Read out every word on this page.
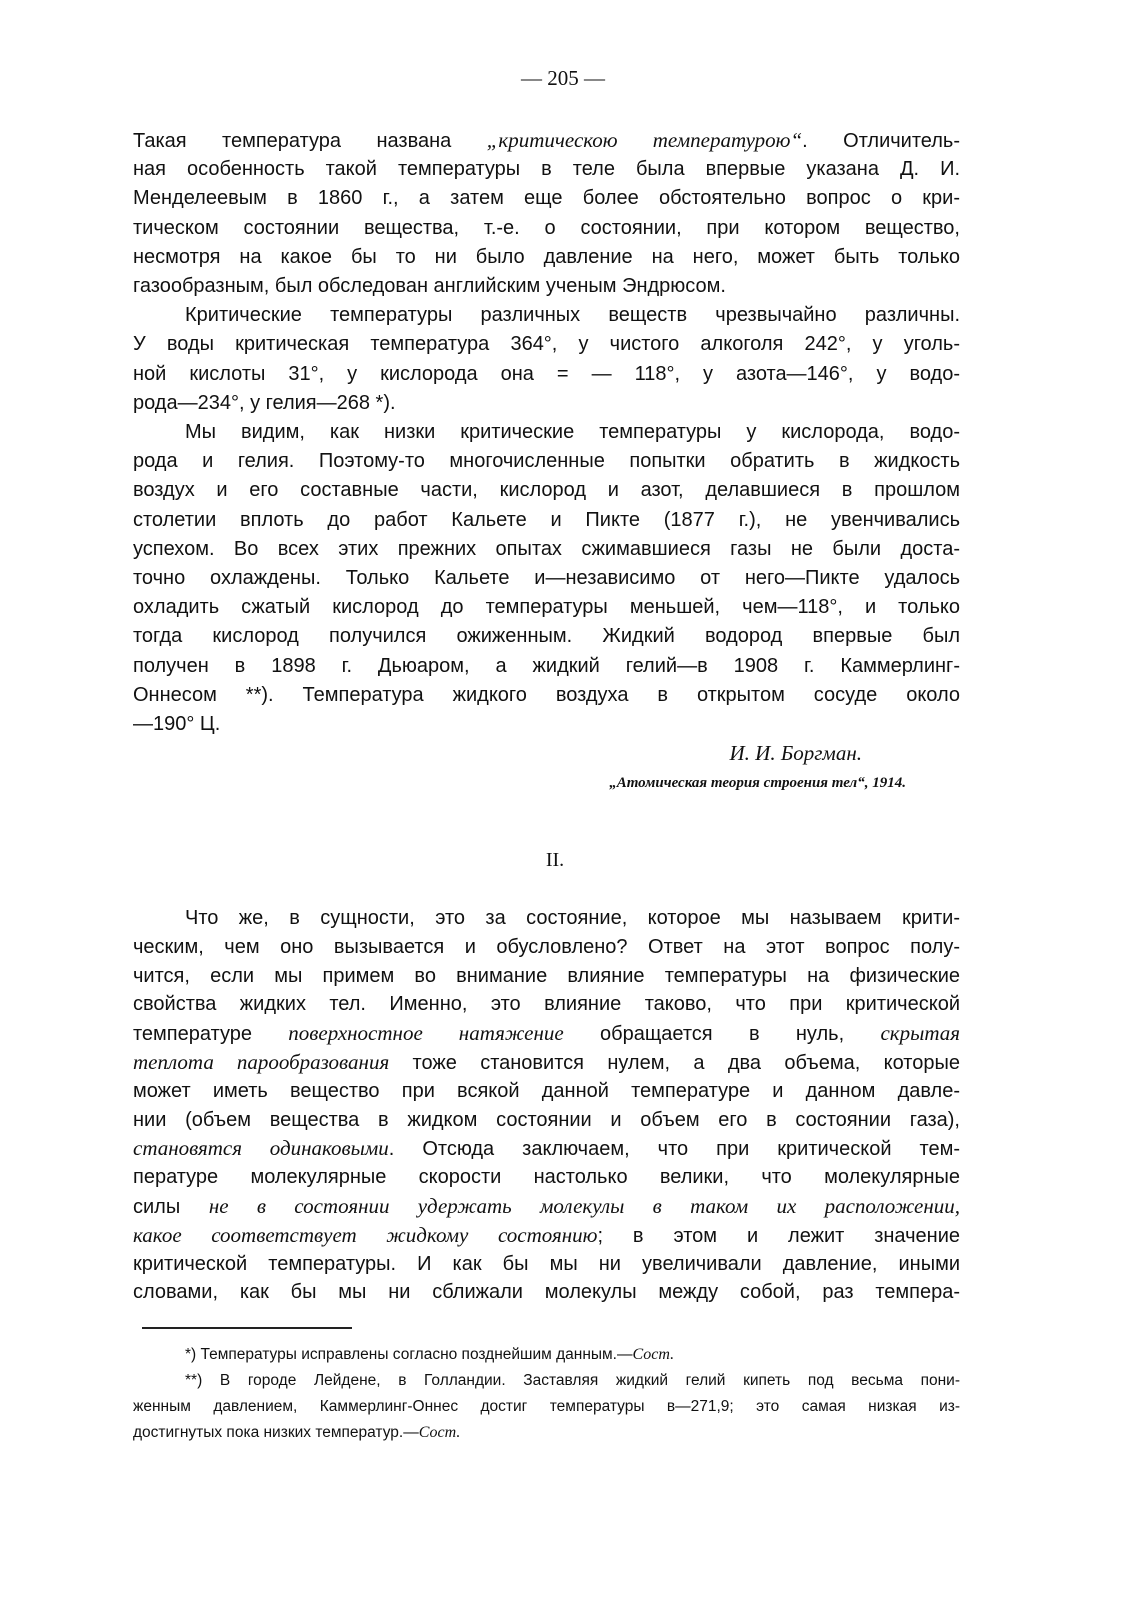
— 205 —
Такая температура названа „критическою температурою“. Отличитель-
ная особенность такой температуры в теле была впервые указана Д. И.
Менделеевым в 1860 г., а затем еще более обстоятельно вопрос о кри-
тическом состоянии вещества, т.-е. о состоянии, при котором вещество,
несмотря на какое бы то ни было давление на него, может быть только
газообразным, был обследован английским ученым Эндрюсом.
Критические температуры различных веществ чрезвычайно различны.
У воды критическая температура 364°, у чистого алкоголя 242°, у уголь-
ной кислоты 31°, у кислорода она = — 118°, у азота—146°, у водо-
рода—234°, у гелия—268 *).
Мы видим, как низки критические температуры у кислорода, водо-
рода и гелия. Поэтому-то многочисленные попытки обратить в жидкость
воздух и его составные части, кислород и азот, делавшиеся в прошлом
столетии вплоть до работ Кальете и Пикте (1877 г.), не увенчивались
успехом. Во всех этих прежних опытах сжимавшиеся газы не были доста-
точно охлаждены. Только Кальете и—независимо от него—Пикте удалось
охладить сжатый кислород до температуры меньшей, чем—118°, и только
тогда кислород получился ожиженным. Жидкий водород впервые был
получен в 1898 г. Дьюаром, а жидкий гелий—в 1908 г. Каммерлинг-
Оннесом **). Температура жидкого воздуха в открытом сосуде около
—190° Ц.
И. И. Боргман.
„Атомическая теория строения тел“, 1914.
II.
Что же, в сущности, это за состояние, которое мы называем крити-
ческим, чем оно вызывается и обусловлено? Ответ на этот вопрос полу-
чится, если мы примем во внимание влияние температуры на физические
свойства жидких тел. Именно, это влияние таково, что при критической
температуре поверхностное натяжение обращается в нуль, скрытая
теплота парообразования тоже становится нулем, а два объема, которые
может иметь вещество при всякой данной температуре и данном давле-
нии (объем вещества в жидком состоянии и объем его в состоянии газа),
становятся одинаковыми. Отсюда заключаем, что при критической тем-
пературе молекулярные скорости настолько велики, что молекулярные
силы не в состоянии удержать молекулы в таком их расположении,
какое соответствует жидкому состоянию; в этом и лежит значение
критической температуры. И как бы мы ни увеличивали давление, иными
словами, как бы мы ни сближали молекулы между собой, раз темпера-
*) Температуры исправлены согласно позднейшим данным.—Сост.
**) В городе Лейдене, в Голландии. Заставляя жидкий гелий кипеть под весьма пони-
женным давлением, Каммерлинг-Оннес достиг температуры в—271,9; это самая низкая из-
достигнутых пока низких температур.—Сост.
